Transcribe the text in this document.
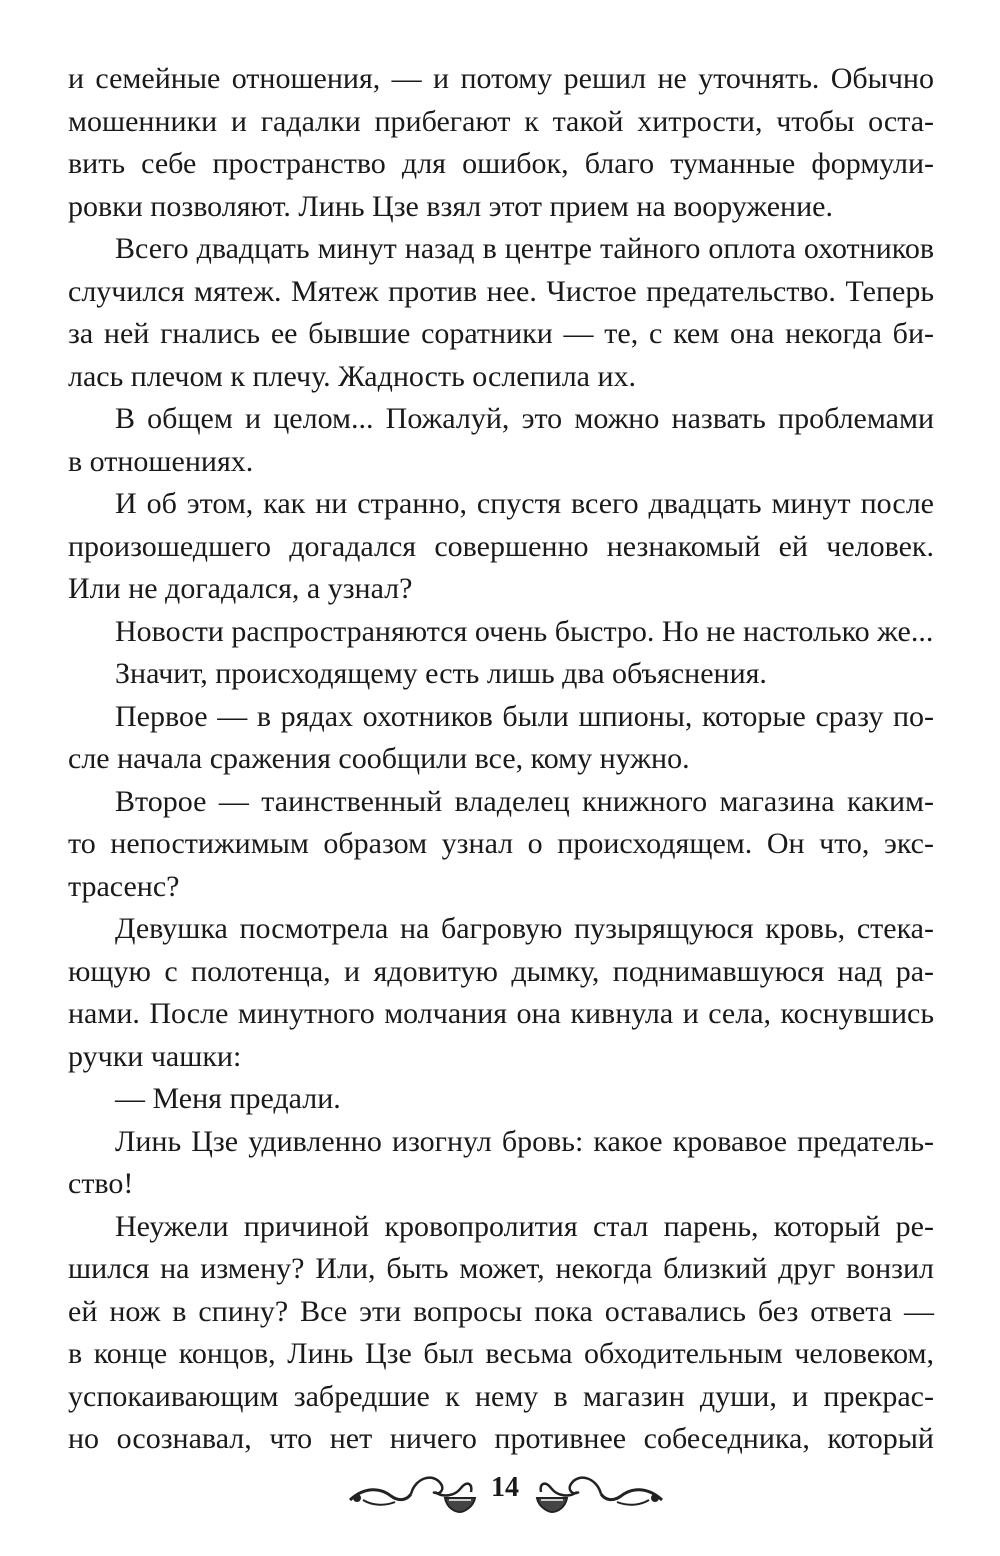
и семейные отношения, — и потому решил не уточнять. Обычно
мошенники и гадалки прибегают к такой хитрости, чтобы оста-
вить себе пространство для ошибок, благо туманные формули-
ровки позволяют. Линь Цзе взял этот прием на вооружение.
Всего двадцать минут назад в центре тайного оплота охотников
случился мятеж. Мятеж против нее. Чистое предательство. Теперь
за ней гнались ее бывшие соратники — те, с кем она некогда би-
лась плечом к плечу. Жадность ослепила их.
В общем и целом... Пожалуй, это можно назвать проблемами
в отношениях.
И об этом, как ни странно, спустя всего двадцать минут после
произошедшего догадался совершенно незнакомый ей человек.
Или не догадался, а узнал?
Новости распространяются очень быстро. Но не настолько же...
Значит, происходящему есть лишь два объяснения.
Первое — в рядах охотников были шпионы, которые сразу по-
сле начала сражения сообщили все, кому нужно.
Второе — таинственный владелец книжного магазина каким-
то непостижимым образом узнал о происходящем. Он что, экс-
трасенс?
Девушка посмотрела на багровую пузырящуюся кровь, стека-
ющую с полотенца, и ядовитую дымку, поднимавшуюся над ра-
нами. После минутного молчания она кивнула и села, коснувшись
ручки чашки:
— Меня предали.
Линь Цзе удивленно изогнул бровь: какое кровавое предатель-
ство!
Неужели причиной кровопролития стал парень, который ре-
шился на измену? Или, быть может, некогда близкий друг вонзил
ей нож в спину? Все эти вопросы пока оставались без ответа —
в конце концов, Линь Цзе был весьма обходительным человеком,
успокаивающим забредшие к нему в магазин души, и прекрас-
но осознавал, что нет ничего противнее собеседника, который
14
